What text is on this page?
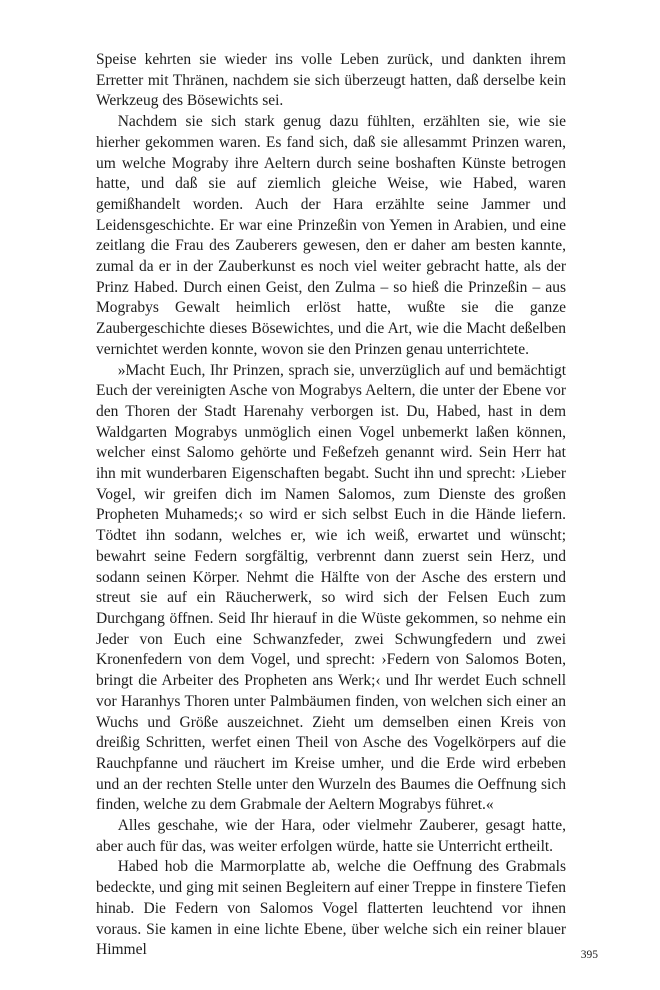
Speise kehrten sie wieder ins volle Leben zurück, und dankten ihrem Erretter mit Thränen, nachdem sie sich überzeugt hatten, daß derselbe kein Werkzeug des Bösewichts sei.

Nachdem sie sich stark genug dazu fühlten, erzählten sie, wie sie hierher gekommen waren. Es fand sich, daß sie allesammt Prinzen waren, um welche Mograby ihre Aeltern durch seine boshaften Künste betrogen hatte, und daß sie auf ziemlich gleiche Weise, wie Habed, waren gemißhandelt worden. Auch der Hara erzählte seine Jammer und Leidensgeschichte. Er war eine Prinzeßin von Yemen in Arabien, und eine zeitlang die Frau des Zauberers gewesen, den er daher am besten kannte, zumal da er in der Zauberkunst es noch viel weiter gebracht hatte, als der Prinz Habed. Durch einen Geist, den Zulma – so hieß die Prinzeßin – aus Mograbys Gewalt heimlich erlöst hatte, wußte sie die ganze Zaubergeschichte dieses Bösewichtes, und die Art, wie die Macht deßelben vernichtet werden konnte, wovon sie den Prinzen genau unterrichtete.

»Macht Euch, Ihr Prinzen, sprach sie, unverzüglich auf und bemächtigt Euch der vereinigten Asche von Mograbys Aeltern, die unter der Ebene vor den Thoren der Stadt Harenahy verborgen ist. Du, Habed, hast in dem Waldgarten Mograbys unmöglich einen Vogel unbemerkt laßen können, welcher einst Salomo gehörte und Feßefzeh genannt wird. Sein Herr hat ihn mit wunderbaren Eigenschaften begabt. Sucht ihn und sprecht: ›Lieber Vogel, wir greifen dich im Namen Salomos, zum Dienste des großen Propheten Muhameds;‹ so wird er sich selbst Euch in die Hände liefern. Tödtet ihn sodann, welches er, wie ich weiß, erwartet und wünscht; bewahrt seine Federn sorgfältig, verbrennt dann zuerst sein Herz, und sodann seinen Körper. Nehmt die Hälfte von der Asche des erstern und streut sie auf ein Räucherwerk, so wird sich der Felsen Euch zum Durchgang öffnen. Seid Ihr hierauf in die Wüste gekommen, so nehme ein Jeder von Euch eine Schwanzfeder, zwei Schwungfedern und zwei Kronenfedern von dem Vogel, und sprecht: ›Federn von Salomos Boten, bringt die Arbeiter des Propheten ans Werk;‹ und Ihr werdet Euch schnell vor Haranhys Thoren unter Palmbäumen finden, von welchen sich einer an Wuchs und Größe auszeichnet. Zieht um demselben einen Kreis von dreißig Schritten, werfet einen Theil von Asche des Vogelkörpers auf die Rauchpfanne und räuchert im Kreise umher, und die Erde wird erbeben und an der rechten Stelle unter den Wurzeln des Baumes die Oeffnung sich finden, welche zu dem Grabmale der Aeltern Mograbys führet.«

Alles geschahe, wie der Hara, oder vielmehr Zauberer, gesagt hatte, aber auch für das, was weiter erfolgen würde, hatte sie Unterricht ertheilt.

Habed hob die Marmorplatte ab, welche die Oeffnung des Grabmals bedeckte, und ging mit seinen Begleitern auf einer Treppe in finstere Tiefen hinab. Die Federn von Salomos Vogel flatterten leuchtend vor ihnen voraus. Sie kamen in eine lichte Ebene, über welche sich ein reiner blauer Himmel	395
